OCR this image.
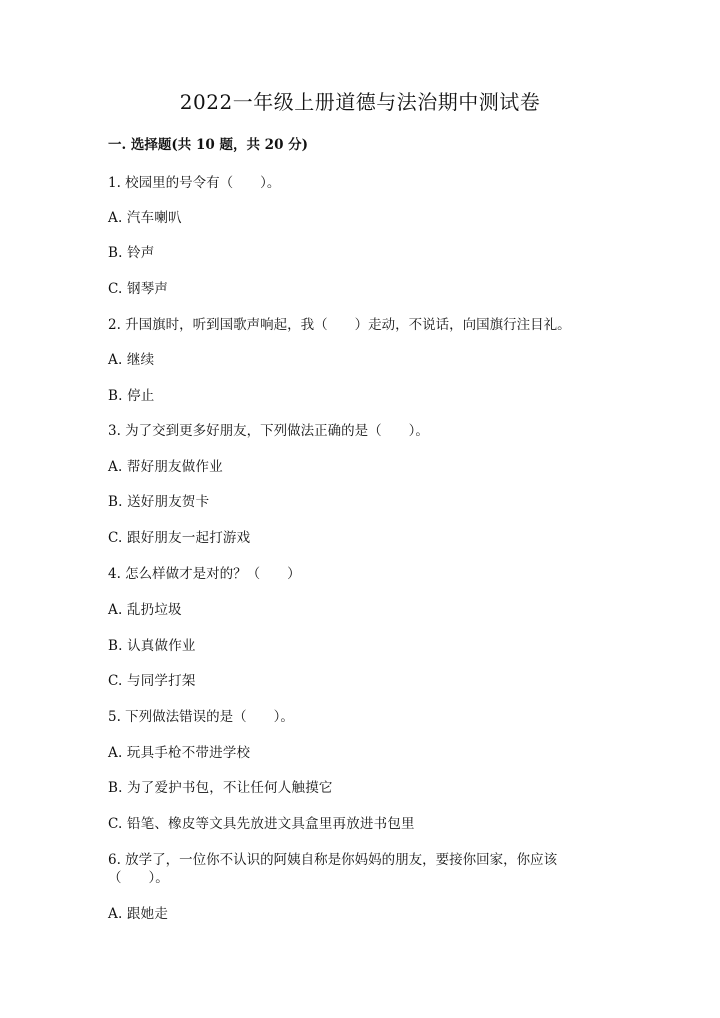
2022一年级上册道德与法治期中测试卷
一. 选择题(共 10 题，共 20 分)
1. 校园里的号令有（　　）。
A. 汽车喇叭
B. 铃声
C. 钢琴声
2. 升国旗时，听到国歌声响起，我（　　）走动，不说话，向国旗行注目礼。
A. 继续
B. 停止
3. 为了交到更多好朋友，下列做法正确的是（　　）。
A. 帮好朋友做作业
B. 送好朋友贺卡
C. 跟好朋友一起打游戏
4. 怎么样做才是对的？（　　）
A. 乱扔垃圾
B. 认真做作业
C. 与同学打架
5. 下列做法错误的是（　　）。
A. 玩具手枪不带进学校
B. 为了爱护书包，不让任何人触摸它
C. 铅笔、橡皮等文具先放进文具盒里再放进书包里
6. 放学了，一位你不认识的阿姨自称是你妈妈的朋友，要接你回家，你应该
（　　）。
A. 跟她走
